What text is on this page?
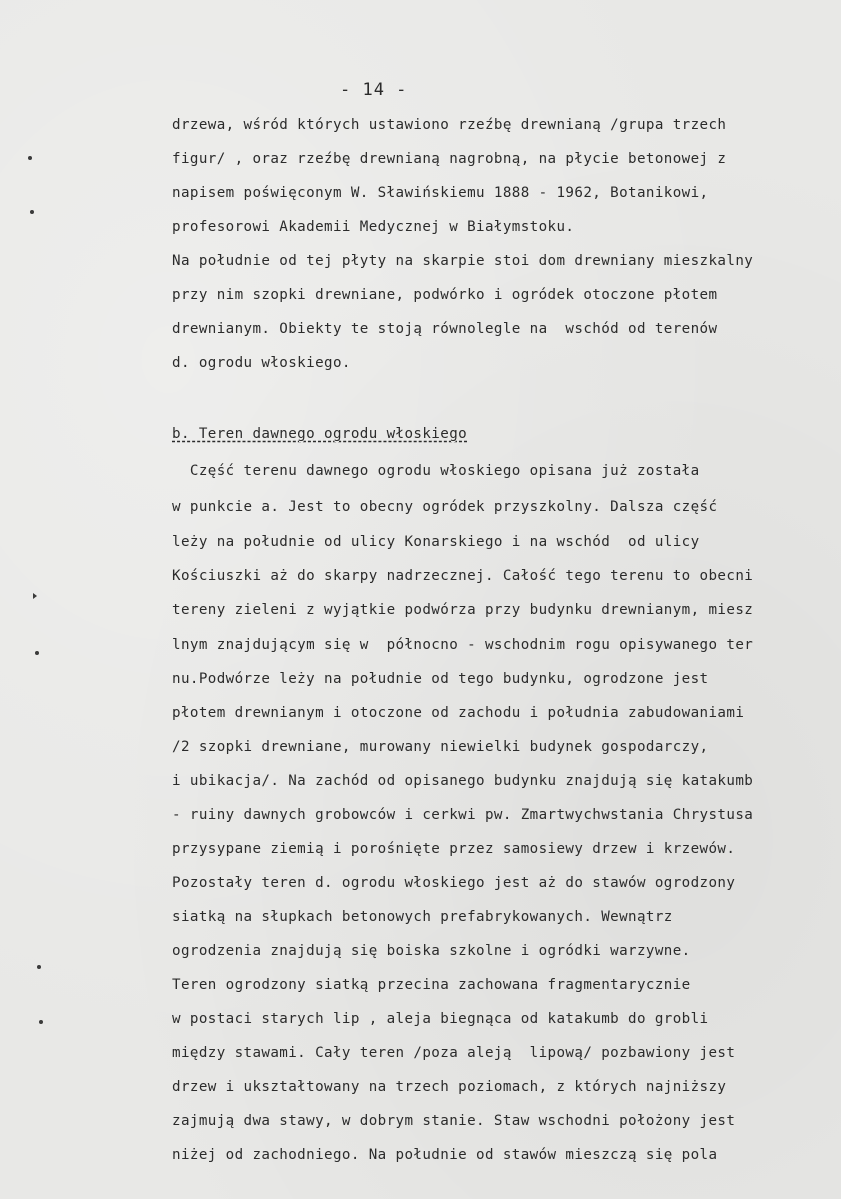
- 14 -
drzewa, wśród których ustawiono rzeźbę drewnianą /grupa trzech
figur/ , oraz rzeźbę drewnianą nagrobną, na płycie betonowej z
napisem poświęconym W. Sławińskiemu 1888 - 1962, Botanikowi,
profesorowi Akademii Medycznej w Białymstoku.
Na południe od tej płyty na skarpie stoi dom drewniany mieszkalny
przy nim szopki drewniane, podwórko i ogródek otoczone płotem
drewnianym. Obiekty te stoją równolegle na  wschód od terenów
d. ogrodu włoskiego.
b. Teren dawnego ogrodu włoskiego
Część terenu dawnego ogrodu włoskiego opisana już została
w punkcie a. Jest to obecny ogródek przyszkolny. Dalsza część
leży na południe od ulicy Konarskiego i na wschód  od ulicy
Kościuszki aż do skarpy nadrzecznej. Całość tego terenu to obecni
tereny zieleni z wyjątkie podwórza przy budynku drewnianym, miesz
lnym znajdującym się w  północno - wschodnim rogu opisywanego ter
nu.Podwórze leży na południe od tego budynku, ogrodzone jest
płotem drewnianym i otoczone od zachodu i południa zabudowaniami
/2 szopki drewniane, murowany niewielki budynek gospodarczy,
i ubikacja/. Na zachód od opisanego budynku znajdują się katakumb
- ruiny dawnych grobowców i cerkwi pw. Zmartwychwstania Chrystusa
przysypane ziemią i porośnięte przez samosiewy drzew i krzewów.
Pozostały teren d. ogrodu włoskiego jest aż do stawów ogrodzony
siatką na słupkach betonowych prefabrykowanych. Wewnątrz
ogrodzenia znajdują się boiska szkolne i ogródki warzywne.
Teren ogrodzony siatką przecina zachowana fragmentarycznie
w postaci starych lip , aleja biegnąca od katakumb do grobli
między stawami. Cały teren /poza aleją  lipową/ pozbawiony jest
drzew i ukształtowany na trzech poziomach, z których najniższy
zajmują dwa stawy, w dobrym stanie. Staw wschodni położony jest
niżej od zachodniego. Na południe od stawów mieszczą się pola
